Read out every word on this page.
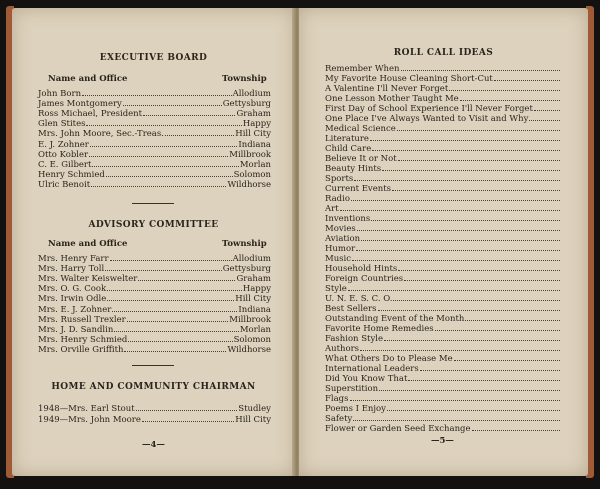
EXECUTIVE BOARD
Name and Office	Township
John Born	Allodium
James Montgomery	Gettysburg
Ross Michael, President	Graham
Glen Stites	Happy
Mrs. John Moore, Sec.-Treas.	Hill City
E. J. Zohner	Indiana
Otto Kobler	Millbrook
C. E. Gilbert	Morlan
Henry Schmied	Solomon
Ulric Benoit	Wildhorse
ADVISORY COMMITTEE
Name and Office	Township
Mrs. Henry Farr	Allodium
Mrs. Harry Toll	Gettysburg
Mrs. Walter Keiswelter	Graham
Mrs. O. G. Cook	Happy
Mrs. Irwin Odle	Hill City
Mrs. E. J. Zohner	Indiana
Mrs. Russell Trexler	Millbrook
Mrs. J. D. Sandlin	Morlan
Mrs. Henry Schmied	Solomon
Mrs. Orville Griffith	Wildhorse
HOME AND COMMUNITY CHAIRMAN
1948—Mrs. Earl Stout	Studley
1949—Mrs. John Moore	Hill City
—4—
ROLL CALL IDEAS
Remember When
My Favorite House Cleaning Short-Cut
A Valentine I'll Never Forget
One Lesson Mother Taught Me
First Day of School Experience I'll Never Forget
One Place I've Always Wanted to Visit and Why
Medical Science
Literature
Child Care
Believe It or Not
Beauty Hints
Sports
Current Events
Radio
Art
Inventions
Movies
Aviation
Humor
Music
Household Hints
Foreign Countries
Style
U. N. E. S. C. O.
Best Sellers
Outstanding Event of the Month
Favorite Home Remedies
Fashion Style
Authors
What Others Do to Please Me
International Leaders
Did You Know That
Superstition
Flags
Poems I Enjoy
Safety
Flower or Garden Seed Exchange
—5—
